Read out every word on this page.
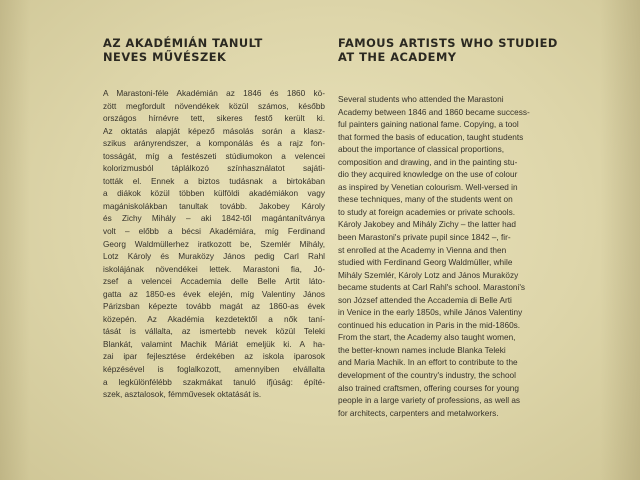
AZ AKADÉMIÁN TANULT
NEVES MŰVÉSZEK
A Marastoni-féle Akadémián az 1846 és 1860 kö-
zött megfordult növendékek közül számos, később
országos hírnévre tett, sikeres festő került ki.
Az oktatás alapját képező másolás során a klasz-
szikus arányrendszer, a komponálás és a rajz fon-
tosságát, míg a festészeti stúdiumokon a velencei
kolorizmusból táplálkozó színhasználatot sajáti-
tották el. Ennek a biztos tudásnak a birtokában
a diákok közül többen külföldi akadémiákon vagy
magániskolákban tanultak tovább. Jakobey Károly
és Zichy Mihály – aki 1842-től magántanítványa
volt – előbb a bécsi Akadémiára, míg Ferdinand
Georg Waldmüllerhez iratkozott be, Szemlér Mihály,
Lotz Károly és Muraközy János pedig Carl Rahl
iskolájának növendékei lettek. Marastoni fia, Jó-
zsef a velencei Accademia delle Belle Artit láto-
gatta az 1850-es évek elején, míg Valentiny János
Párizsban képezte tovább magát az 1860-as évek
közepén. Az Akadémia kezdetektől a nők taní-
tását is vállalta, az ismertebb nevek közül Teleki
Blankát, valamint Machik Máriát emeljük ki. A ha-
zai ipar fejlesztése érdekében az iskola iparosok
képzésével is foglalkozott, amennyiben elvállalta
a legkülönfélébb szakmákat tanuló ifjúság: építé-
szek, asztalosok, fémművesek oktatását is.
FAMOUS ARTISTS WHO STUDIED
AT THE ACADEMY
Several students who attended the Marastoni
Academy between 1846 and 1860 became success-
ful painters gaining national fame. Copying, a tool
that formed the basis of education, taught students
about the importance of classical proportions,
composition and drawing, and in the painting stu-
dio they acquired knowledge on the use of colour
as inspired by Venetian colourism. Well-versed in
these techniques, many of the students went on
to study at foreign academies or private schools.
Károly Jakobey and Mihály Zichy – the latter had
been Marastoni's private pupil since 1842 –, fir-
st enrolled at the Academy in Vienna and then
studied with Ferdinand Georg Waldmüller, while
Mihály Szemlér, Károly Lotz and János Muraközy
became students at Carl Rahl's school. Marastoni's
son József attended the Accademia di Belle Arti
in Venice in the early 1850s, while János Valentiny
continued his education in Paris in the mid-1860s.
From the start, the Academy also taught women,
the better-known names include Blanka Teleki
and Maria Machik. In an effort to contribute to the
development of the country's industry, the school
also trained craftsmen, offering courses for young
people in a large variety of professions, as well as
for architects, carpenters and metalworkers.
